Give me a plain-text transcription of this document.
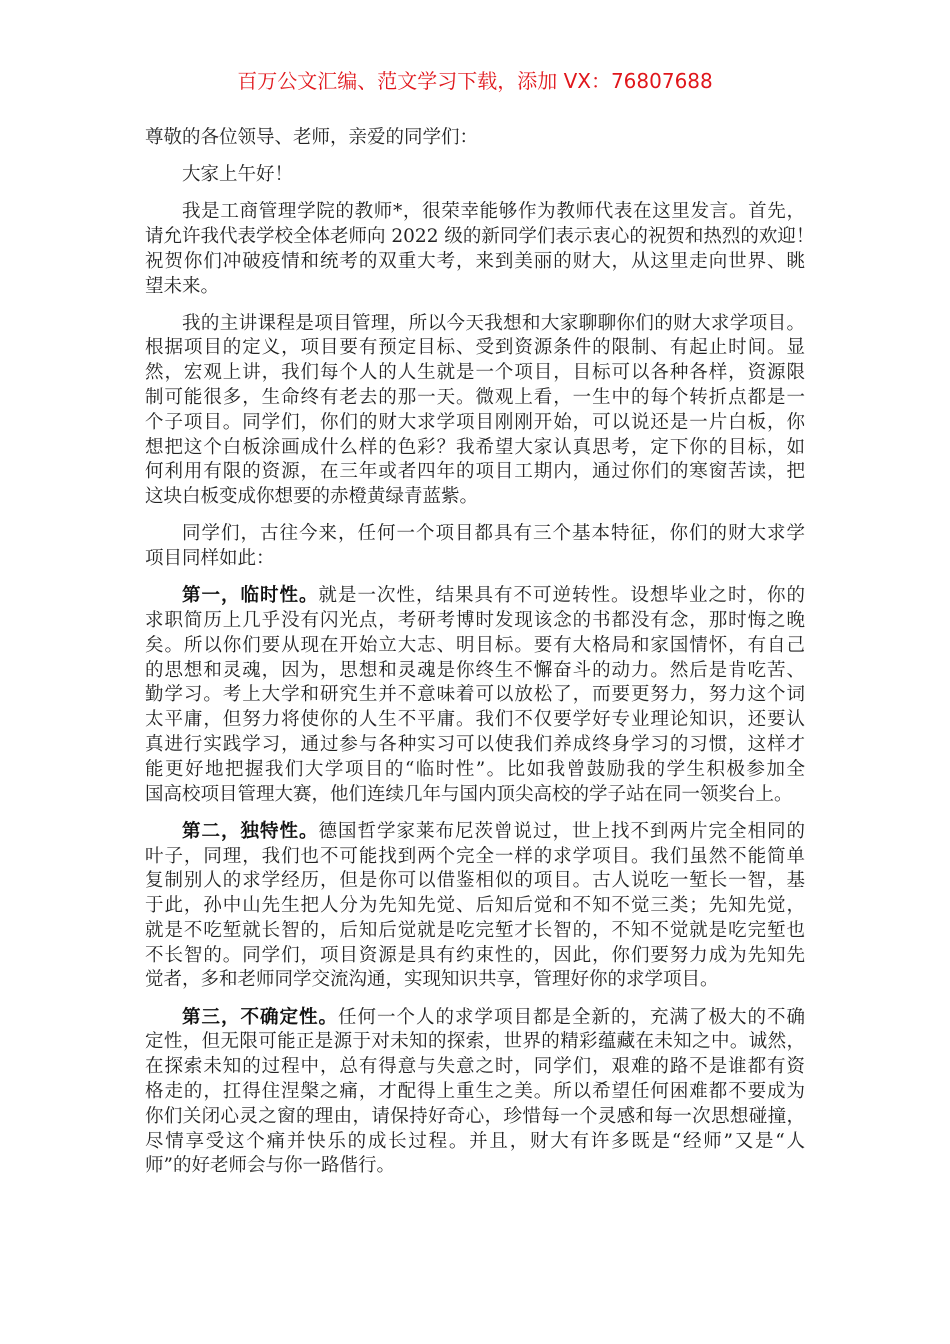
百万公文汇编、范文学习下载，添加 VX：76807688
尊敬的各位领导、老师，亲爱的同学们：
大家上午好！
我是工商管理学院的教师*，很荣幸能够作为教师代表在这里发言。首先，
请允许我代表学校全体老师向 2022 级的新同学们表示衷心的祝贺和热烈的欢迎！
祝贺你们冲破疫情和统考的双重大考，来到美丽的财大，从这里走向世界、眺
望未来。
我的主讲课程是项目管理，所以今天我想和大家聊聊你们的财大求学项目。
根据项目的定义，项目要有预定目标、受到资源条件的限制、有起止时间。显
然，宏观上讲，我们每个人的人生就是一个项目，目标可以各种各样，资源限
制可能很多，生命终有老去的那一天。微观上看，一生中的每个转折点都是一
个子项目。同学们，你们的财大求学项目刚刚开始，可以说还是一片白板，你
想把这个白板涂画成什么样的色彩？我希望大家认真思考，定下你的目标，如
何利用有限的资源，在三年或者四年的项目工期内，通过你们的寒窗苦读，把
这块白板变成你想要的赤橙黄绿青蓝紫。
同学们，古往今来，任何一个项目都具有三个基本特征，你们的财大求学
项目同样如此：
第一，临时性。就是一次性，结果具有不可逆转性。设想毕业之时，你的
求职简历上几乎没有闪光点，考研考博时发现该念的书都没有念，那时悔之晚
矣。所以你们要从现在开始立大志、明目标。要有大格局和家国情怀，有自己
的思想和灵魂，因为，思想和灵魂是你终生不懈奋斗的动力。然后是肯吃苦、
勤学习。考上大学和研究生并不意味着可以放松了，而要更努力，努力这个词
太平庸，但努力将使你的人生不平庸。我们不仅要学好专业理论知识，还要认
真进行实践学习，通过参与各种实习可以使我们养成终身学习的习惯，这样才
能更好地把握我们大学项目的“临时性”。比如我曾鼓励我的学生积极参加全
国高校项目管理大赛，他们连续几年与国内顶尖高校的学子站在同一领奖台上。
第二，独特性。德国哲学家莱布尼茨曾说过，世上找不到两片完全相同的
叶子，同理，我们也不可能找到两个完全一样的求学项目。我们虽然不能简单
复制别人的求学经历，但是你可以借鉴相似的项目。古人说吃一堑长一智，基
于此，孙中山先生把人分为先知先觉、后知后觉和不知不觉三类；先知先觉，
就是不吃堑就长智的，后知后觉就是吃完堑才长智的，不知不觉就是吃完堑也
不长智的。同学们，项目资源是具有约束性的，因此，你们要努力成为先知先
觉者，多和老师同学交流沟通，实现知识共享，管理好你的求学项目。
第三，不确定性。任何一个人的求学项目都是全新的，充满了极大的不确
定性，但无限可能正是源于对未知的探索，世界的精彩蕴藏在未知之中。诚然，
在探索未知的过程中，总有得意与失意之时，同学们，艰难的路不是谁都有资
格走的，扛得住涅槃之痛，才配得上重生之美。所以希望任何困难都不要成为
你们关闭心灵之窗的理由，请保持好奇心，珍惜每一个灵感和每一次思想碰撞，
尽情享受这个痛并快乐的成长过程。并且，财大有许多既是“经师”又是“人
师”的好老师会与你一路偕行。
